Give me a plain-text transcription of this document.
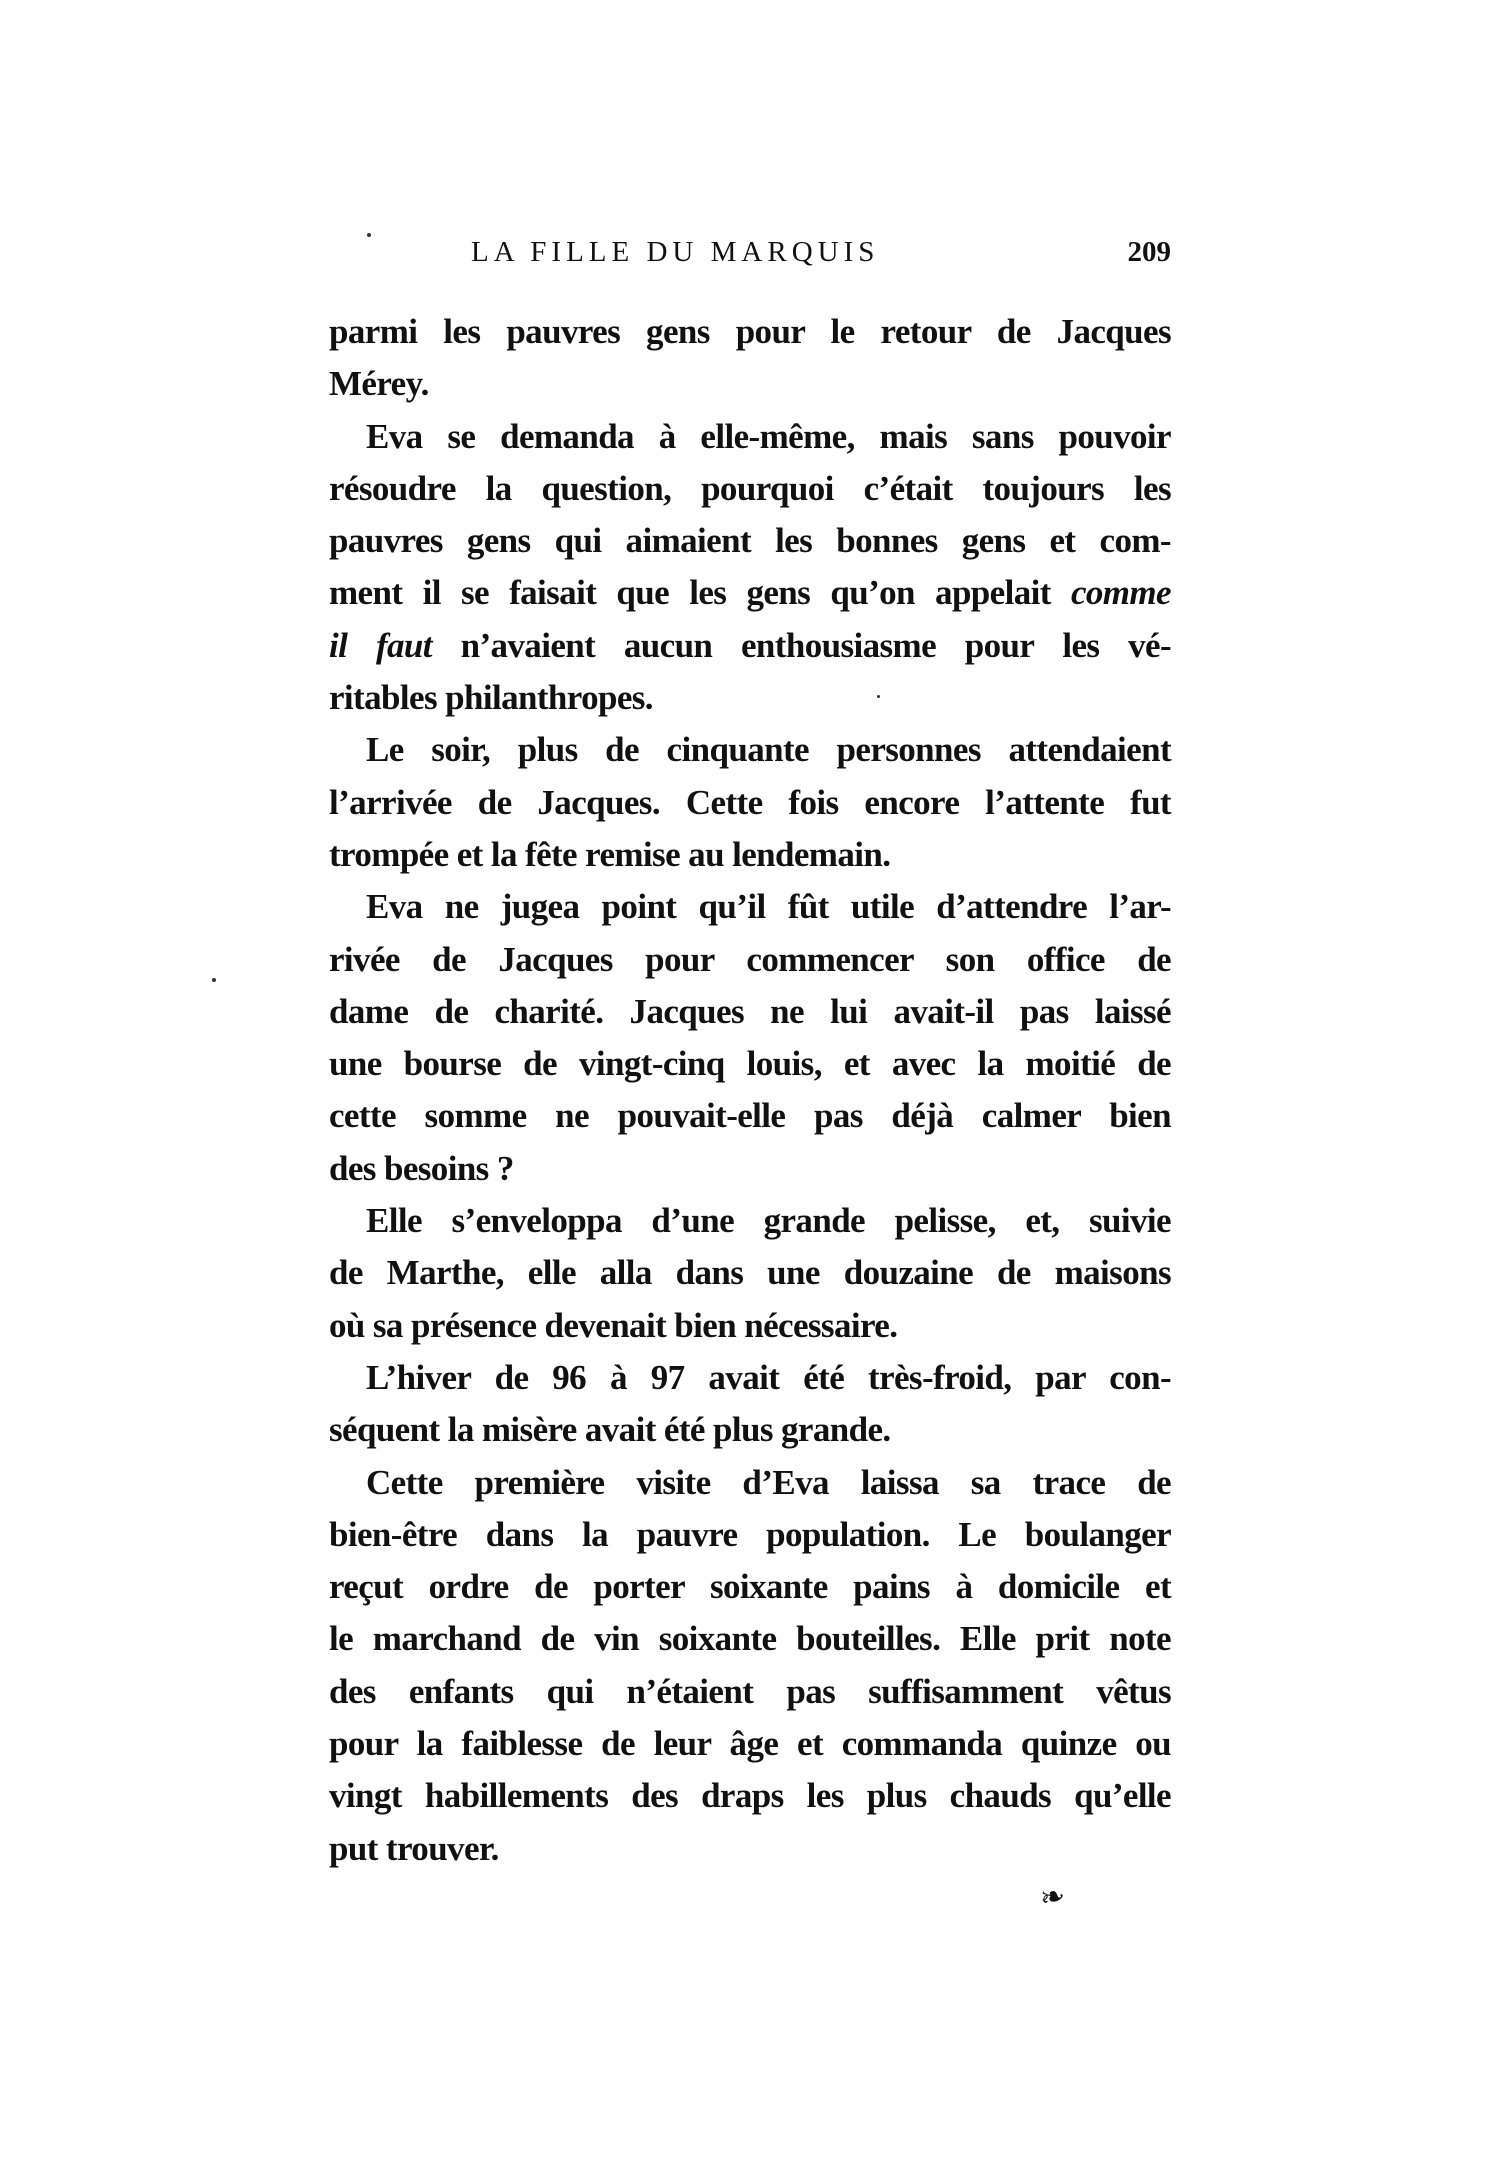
LA FILLE DU MARQUIS	209
parmi les pauvres gens pour le retour de Jacques
Mérey.
Eva se demanda à elle-même, mais sans pouvoir
résoudre la question, pourquoi c’était toujours les
pauvres gens qui aimaient les bonnes gens et com-
ment il se faisait que les gens qu’on appelait comme
il faut n’avaient aucun enthousiasme pour les vé-
ritables philanthropes.
Le soir, plus de cinquante personnes attendaient
l’arrivée de Jacques. Cette fois encore l’attente fut
trompée et la fête remise au lendemain.
Eva ne jugea point qu’il fût utile d’attendre l’ar-
rivée de Jacques pour commencer son office de
dame de charité. Jacques ne lui avait-il pas laissé
une bourse de vingt-cinq louis, et avec la moitié de
cette somme ne pouvait-elle pas déjà calmer bien
des besoins ?
Elle s’enveloppa d’une grande pelisse, et, suivie
de Marthe, elle alla dans une douzaine de maisons
où sa présence devenait bien nécessaire.
L’hiver de 96 à 97 avait été très-froid, par con-
séquent la misère avait été plus grande.
Cette première visite d’Eva laissa sa trace de
bien-être dans la pauvre population. Le boulanger
reçut ordre de porter soixante pains à domicile et
le marchand de vin soixante bouteilles. Elle prit note
des enfants qui n’étaient pas suffisamment vêtus
pour la faiblesse de leur âge et commanda quinze ou
vingt habillements des draps les plus chauds qu’elle
put trouver.
❧
